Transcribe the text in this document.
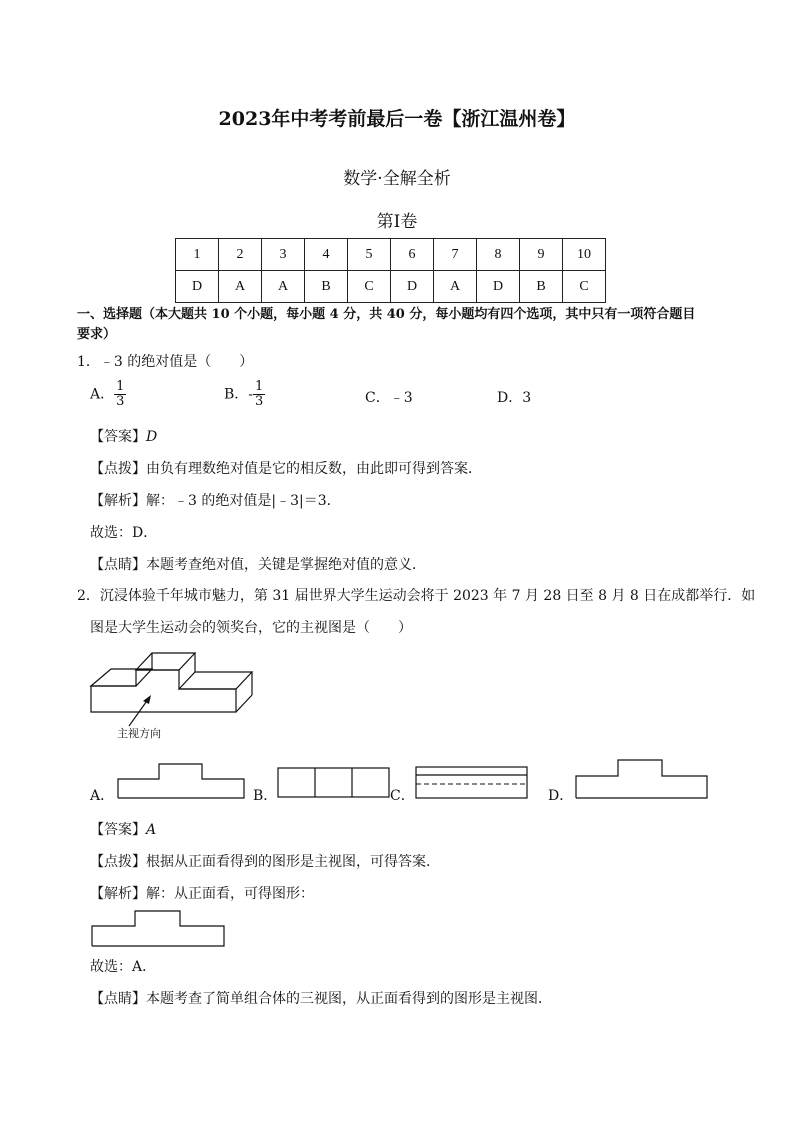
2023年中考考前最后一卷【浙江温州卷】
数学·全解全析
第Ⅰ卷
1	2	3	4	5	6	7	8	9	10
D	A	A	B	C	D	A	D	B	C
一、选择题（本大题共 10 个小题，每小题 4 分，共 40 分，每小题均有四个选项，其中只有一项符合题目
要求）
1．﹣3 的绝对值是（　　）
A． $\frac{1}{3}$	B．- $\frac{1}{3}$	C．﹣3	D．3
【答案】D
【点拨】由负有理数绝对值是它的相反数，由此即可得到答案．
【解析】解：﹣3 的绝对值是|﹣3|＝3．
故选：D．
【点睛】本题考查绝对值，关键是掌握绝对值的意义．
2．沉浸体验千年城市魅力，第 31 届世界大学生运动会将于 2023 年 7 月 28 日至 8 月 8 日在成都举行．如
图是大学生运动会的领奖台，它的主视图是（　　）
主视方向
A．	B．	C．	D．
【答案】A
【点拨】根据从正面看得到的图形是主视图，可得答案．
【解析】解：从正面看，可得图形：
故选：A．
【点睛】本题考查了简单组合体的三视图，从正面看得到的图形是主视图．
